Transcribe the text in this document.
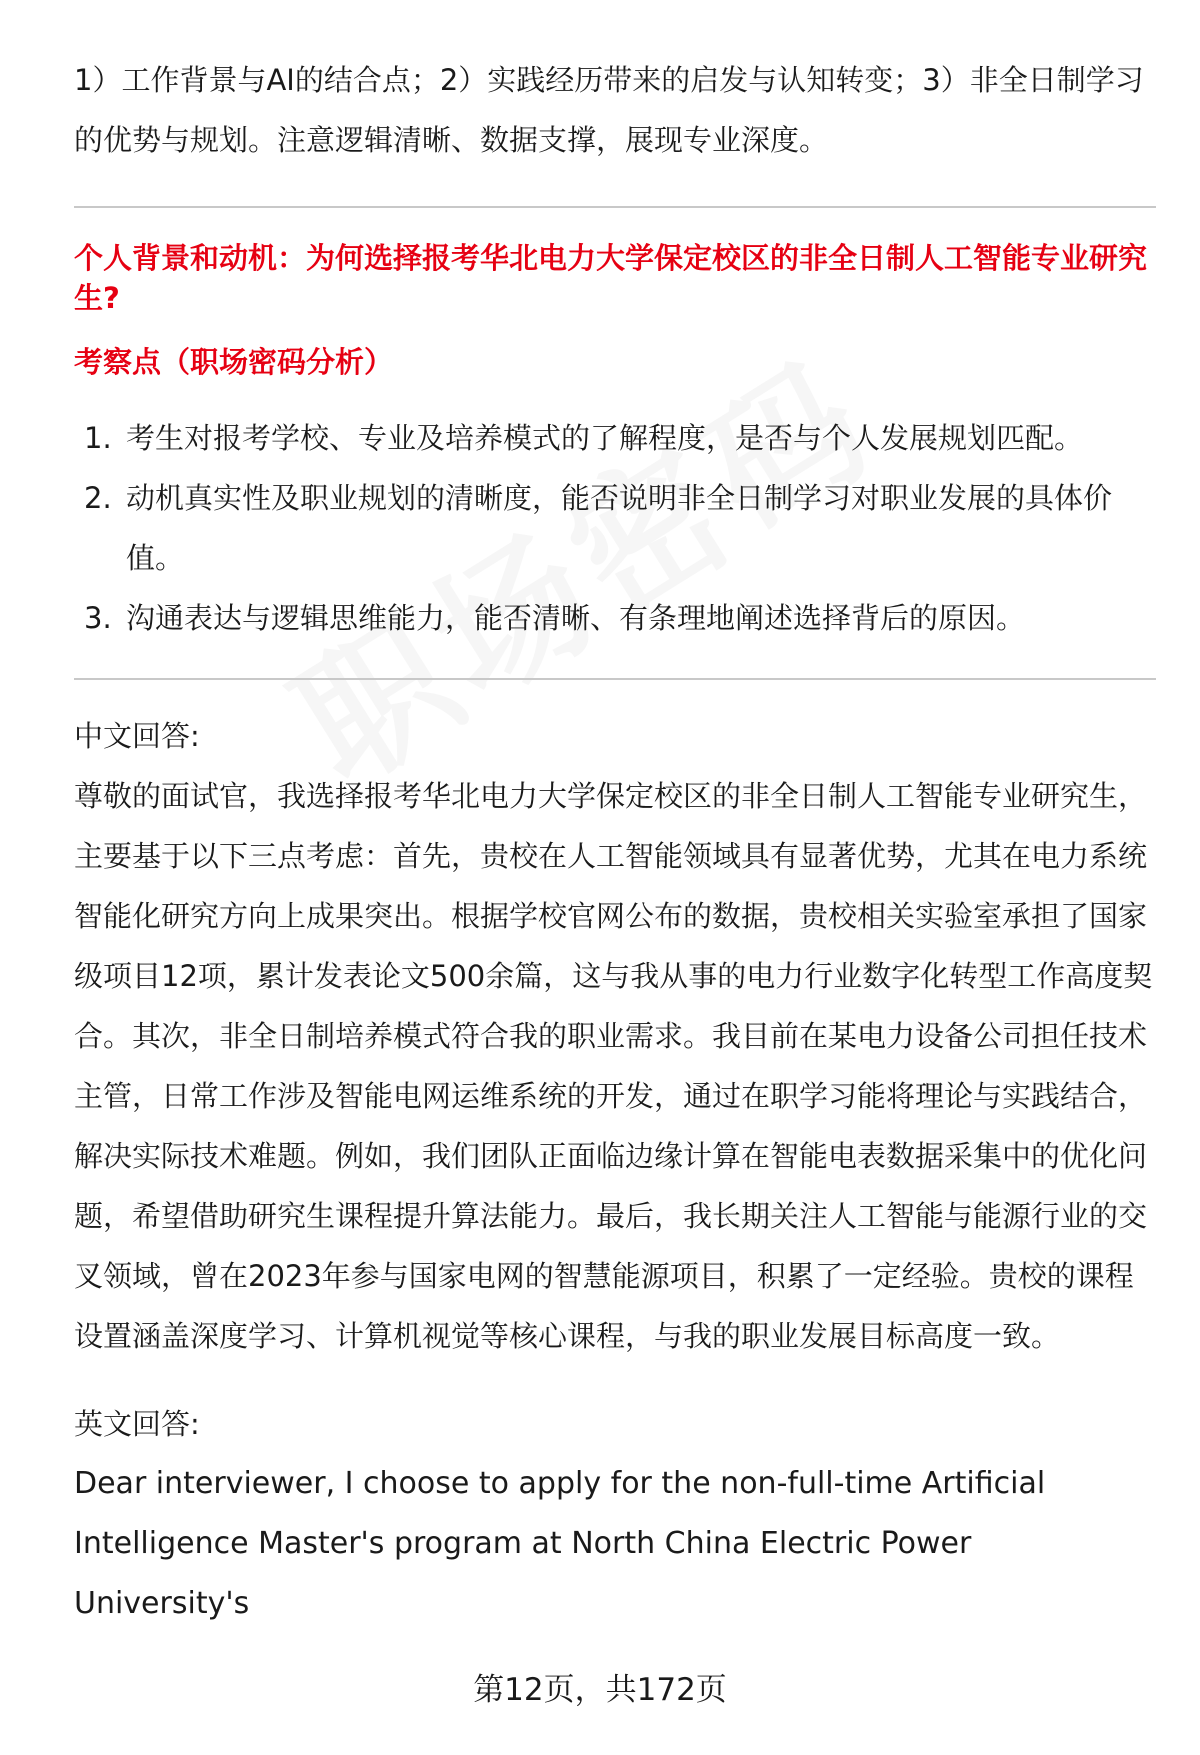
1）工作背景与AI的结合点；2）实践经历带来的启发与认知转变；3）非全日制学习的优势与规划。注意逻辑清晰、数据支撑，展现专业深度。

个人背景和动机：为何选择报考华北电力大学保定校区的非全日制人工智能专业研究生?
考察点（职场密码分析）
1. 考生对报考学校、专业及培养模式的了解程度，是否与个人发展规划匹配。
2. 动机真实性及职业规划的清晰度，能否说明非全日制学习对职业发展的具体价值。
3. 沟通表达与逻辑思维能力，能否清晰、有条理地阐述选择背后的原因。

中文回答:

尊敬的面试官，我选择报考华北电力大学保定校区的非全日制人工智能专业研究生，主要基于以下三点考虑：首先，贵校在人工智能领域具有显著优势，尤其在电力系统智能化研究方向上成果突出。根据学校官网公布的数据，贵校相关实验室承担了国家级项目12项，累计发表论文500余篇，这与我从事的电力行业数字化转型工作高度契合。其次，非全日制培养模式符合我的职业需求。我目前在某电力设备公司担任技术主管，日常工作涉及智能电网运维系统的开发，通过在职学习能将理论与实践结合，解决实际技术难题。例如，我们团队正面临边缘计算在智能电表数据采集中的优化问题，希望借助研究生课程提升算法能力。最后，我长期关注人工智能与能源行业的交叉领域，曾在2023年参与国家电网的智慧能源项目，积累了一定经验。贵校的课程设置涵盖深度学习、计算机视觉等核心课程，与我的职业发展目标高度一致。

英文回答:

Dear interviewer, I choose to apply for the non-full-time Artificial

Intelligence Master's program at North China Electric Power University's

第12页，共172页
